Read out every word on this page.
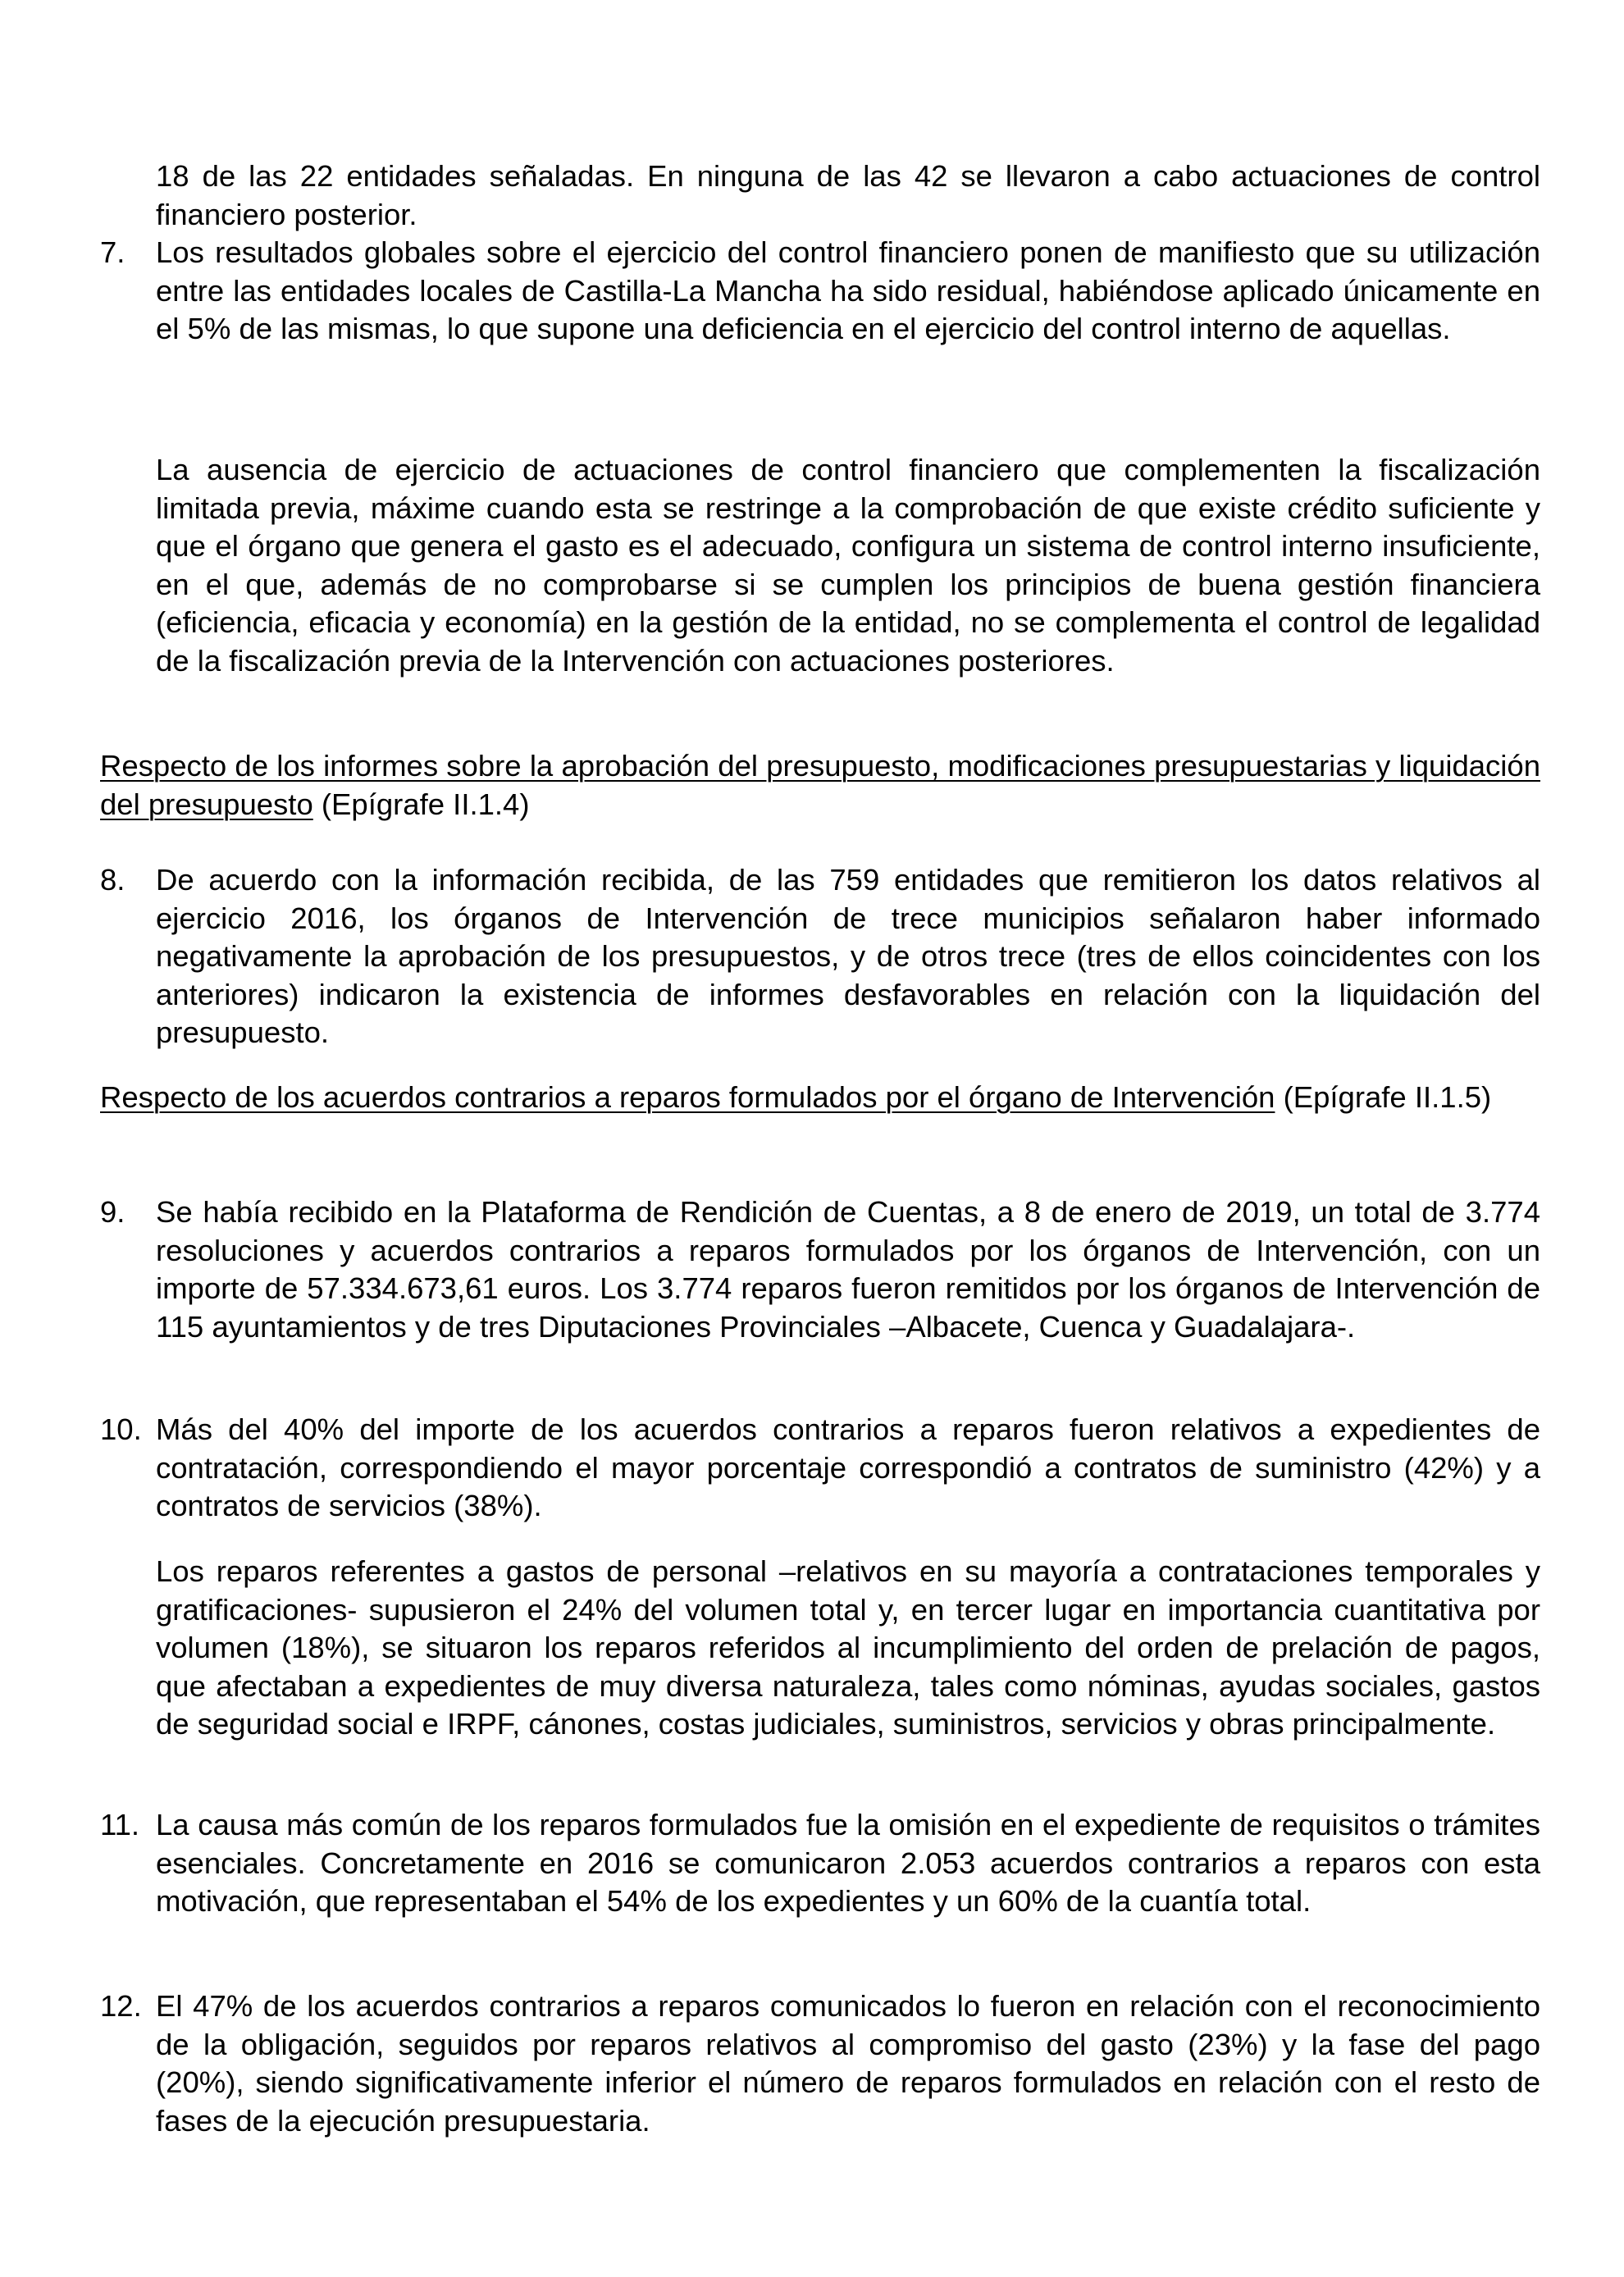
18 de las 22 entidades señaladas. En ninguna de las 42 se llevaron a cabo actuaciones de control financiero posterior.

7. Los resultados globales sobre el ejercicio del control financiero ponen de manifiesto que su utilización entre las entidades locales de Castilla-La Mancha ha sido residual, habiéndose aplicado únicamente en el 5% de las mismas, lo que supone una deficiencia en el ejercicio del control interno de aquellas.

La ausencia de ejercicio de actuaciones de control financiero que complementen la fiscalización limitada previa, máxime cuando esta se restringe a la comprobación de que existe crédito suficiente y que el órgano que genera el gasto es el adecuado, configura un sistema de control interno insuficiente, en el que, además de no comprobarse si se cumplen los principios de buena gestión financiera (eficiencia, eficacia y economía) en la gestión de la entidad, no se complementa el control de legalidad de la fiscalización previa de la Intervención con actuaciones posteriores.

Respecto de los informes sobre la aprobación del presupuesto, modificaciones presupuestarias y liquidación del presupuesto (Epígrafe II.1.4)

8. De acuerdo con la información recibida, de las 759 entidades que remitieron los datos relativos al ejercicio 2016, los órganos de Intervención de trece municipios señalaron haber informado negativamente la aprobación de los presupuestos, y de otros trece (tres de ellos coincidentes con los anteriores) indicaron la existencia de informes desfavorables en relación con la liquidación del presupuesto.

Respecto de los acuerdos contrarios a reparos formulados por el órgano de Intervención (Epígrafe II.1.5)

9. Se había recibido en la Plataforma de Rendición de Cuentas, a 8 de enero de 2019, un total de 3.774 resoluciones y acuerdos contrarios a reparos formulados por los órganos de Intervención, con un importe de 57.334.673,61 euros. Los 3.774 reparos fueron remitidos por los órganos de Intervención de 115 ayuntamientos y de tres Diputaciones Provinciales –Albacete, Cuenca y Guadalajara-.

10. Más del 40% del importe de los acuerdos contrarios a reparos fueron relativos a expedientes de contratación, correspondiendo el mayor porcentaje correspondió a contratos de suministro (42%) y a contratos de servicios (38%).

Los reparos referentes a gastos de personal –relativos en su mayoría a contrataciones temporales y gratificaciones- supusieron el 24% del volumen total y, en tercer lugar en importancia cuantitativa por volumen (18%), se situaron los reparos referidos al incumplimiento del orden de prelación de pagos, que afectaban a expedientes de muy diversa naturaleza, tales como nóminas, ayudas sociales, gastos de seguridad social e IRPF, cánones, costas judiciales, suministros, servicios y obras principalmente.

11. La causa más común de los reparos formulados fue la omisión en el expediente de requisitos o trámites esenciales. Concretamente en 2016 se comunicaron 2.053 acuerdos contrarios a reparos con esta motivación, que representaban el 54% de los expedientes y un 60% de la cuantía total.

12. El 47% de los acuerdos contrarios a reparos comunicados lo fueron en relación con el reconocimiento de la obligación, seguidos por reparos relativos al compromiso del gasto (23%) y la fase del pago (20%), siendo significativamente inferior el número de reparos formulados en relación con el resto de fases de la ejecución presupuestaria.
